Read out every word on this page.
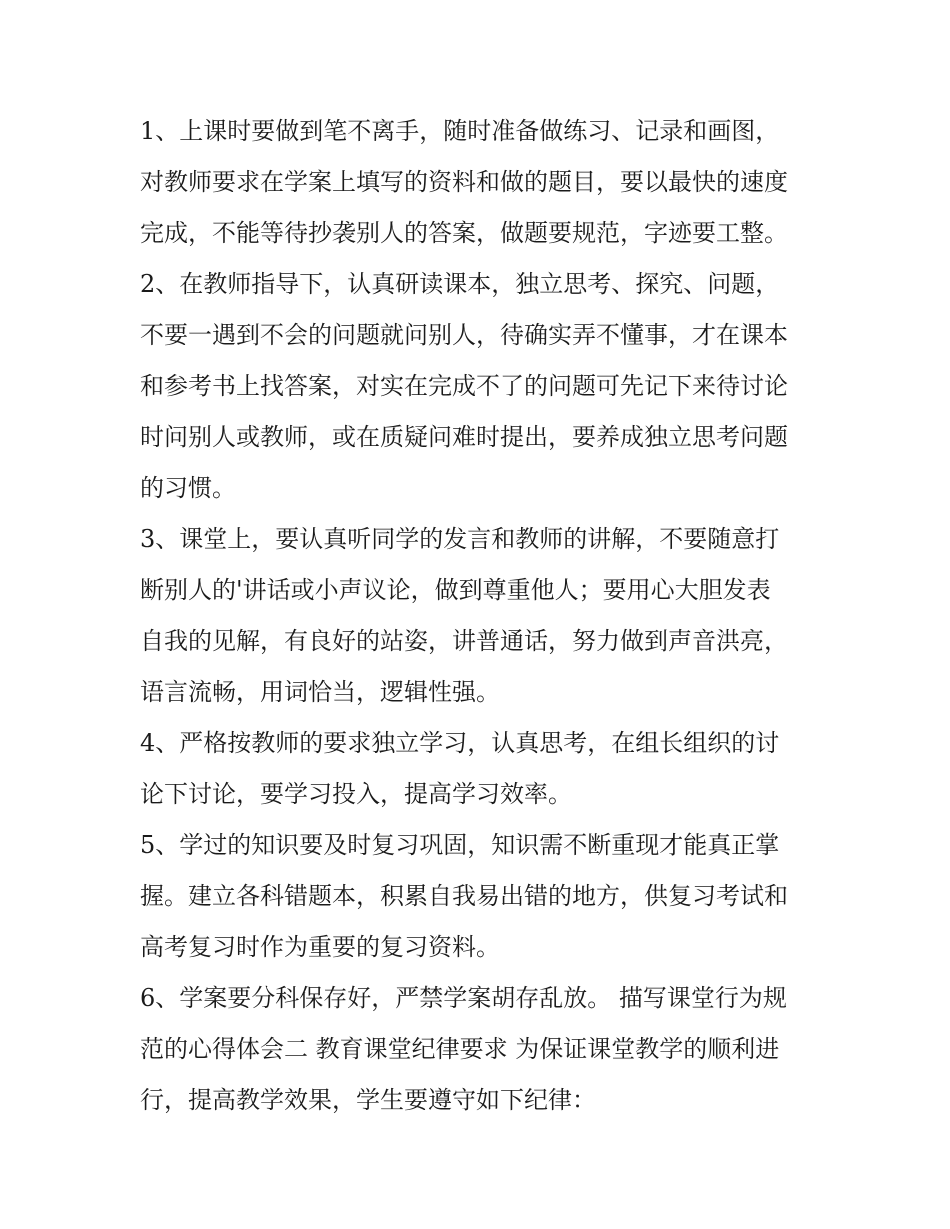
1、上课时要做到笔不离手，随时准备做练习、记录和画图，

对教师要求在学案上填写的资料和做的题目，要以最快的速度

完成，不能等待抄袭别人的答案，做题要规范，字迹要工整。

2、在教师指导下，认真研读课本，独立思考、探究、问题，

不要一遇到不会的问题就问别人，待确实弄不懂事，才在课本

和参考书上找答案，对实在完成不了的问题可先记下来待讨论

时问别人或教师，或在质疑问难时提出，要养成独立思考问题

的习惯。

3、课堂上，要认真听同学的发言和教师的讲解，不要随意打

断别人的'讲话或小声议论，做到尊重他人；要用心大胆发表

自我的见解，有良好的站姿，讲普通话，努力做到声音洪亮，

语言流畅，用词恰当，逻辑性强。

4、严格按教师的要求独立学习，认真思考，在组长组织的讨

论下讨论，要学习投入，提高学习效率。

5、学过的知识要及时复习巩固，知识需不断重现才能真正掌

握。建立各科错题本，积累自我易出错的地方，供复习考试和

高考复习时作为重要的复习资料。

6、学案要分科保存好，严禁学案胡存乱放。 描写课堂行为规

范的心得体会二 教育课堂纪律要求 为保证课堂教学的顺利进

行，提高教学效果，学生要遵守如下纪律：
